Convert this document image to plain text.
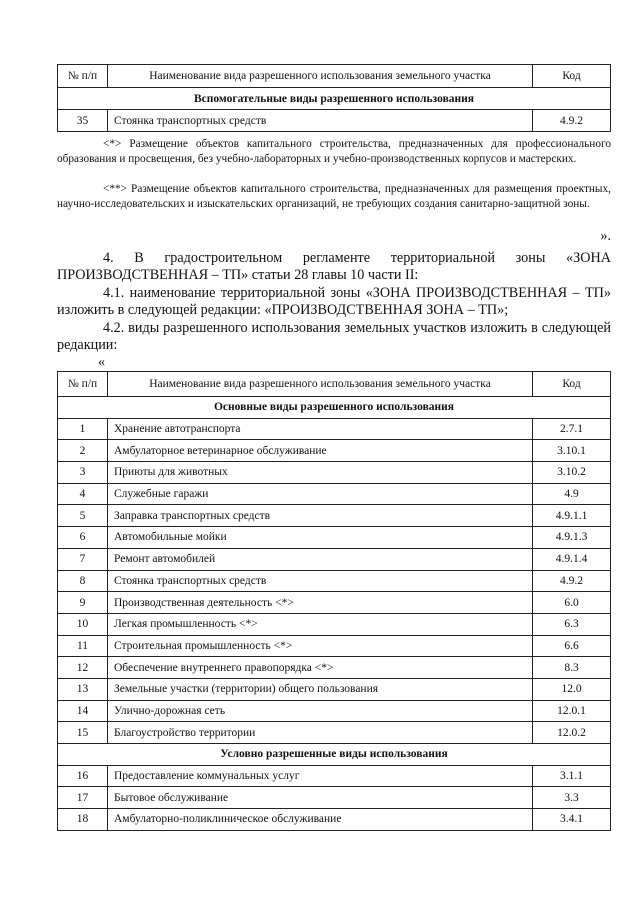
№ п/п	Наименование вида разрешенного использования земельного участка	Код
Вспомогательные виды разрешенного использования		
35	Стоянка транспортных средств	4.9.2
<*> Размещение объектов капитального строительства, предназначенных для профессионального образования и просвещения, без учебно-лабораторных и учебно-производственных корпусов и мастерских.
<**> Размещение объектов капитального строительства, предназначенных для размещения проектных, научно-исследовательских и изыскательских организаций, не требующих создания санитарно-защитной зоны.
».
4. В градостроительном регламенте территориальной зоны «ЗОНА ПРОИЗВОДСТВЕННАЯ – ТП» статьи 28 главы 10 части II:
4.1. наименование территориальной зоны «ЗОНА ПРОИЗВОДСТВЕННАЯ – ТП» изложить в следующей редакции: «ПРОИЗВОДСТВЕННАЯ ЗОНА – ТП»;
4.2. виды разрешенного использования земельных участков изложить в следующей редакции:
«
№ п/п	Наименование вида разрешенного использования земельного участка	Код
Основные виды разрешенного использования		
1	Хранение автотранспорта	2.7.1
2	Амбулаторное ветеринарное обслуживание	3.10.1
3	Приюты для животных	3.10.2
4	Служебные гаражи	4.9
5	Заправка транспортных средств	4.9.1.1
6	Автомобильные мойки	4.9.1.3
7	Ремонт автомобилей	4.9.1.4
8	Стоянка транспортных средств	4.9.2
9	Производственная деятельность <*>	6.0
10	Легкая промышленность <*>	6.3
11	Строительная промышленность <*>	6.6
12	Обеспечение внутреннего правопорядка <*>	8.3
13	Земельные участки (территории) общего пользования	12.0
14	Улично-дорожная сеть	12.0.1
15	Благоустройство территории	12.0.2
Условно разрешенные виды использования		
16	Предоставление коммунальных услуг	3.1.1
17	Бытовое обслуживание	3.3
18	Амбулаторно-поликлиническое обслуживание	3.4.1
